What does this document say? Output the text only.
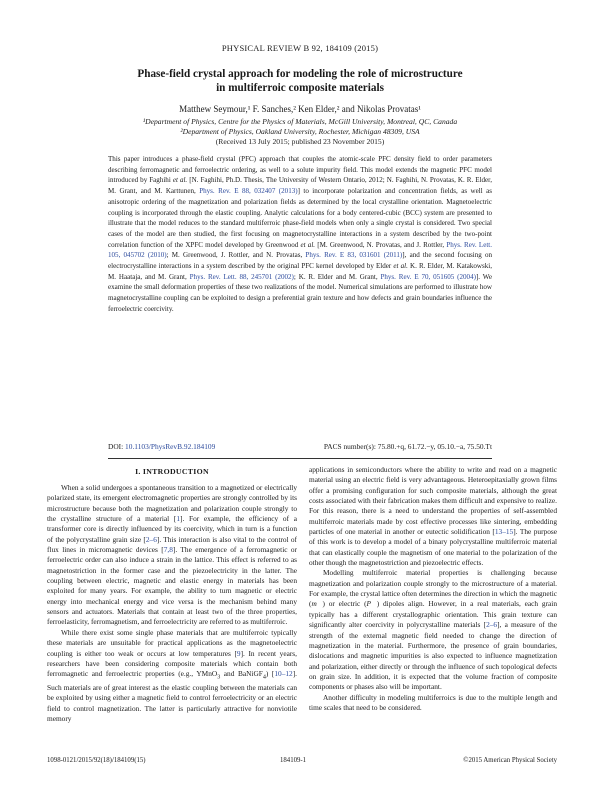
PHYSICAL REVIEW B 92, 184109 (2015)
Phase-field crystal approach for modeling the role of microstructure
in multiferroic composite materials
Matthew Seymour,¹ F. Sanches,² Ken Elder,² and Nikolas Provatas¹
¹Department of Physics, Centre for the Physics of Materials, McGill University, Montreal, QC, Canada
²Department of Physics, Oakland University, Rochester, Michigan 48309, USA
(Received 13 July 2015; published 23 November 2015)

This paper introduces a phase-field crystal (PFC) approach that couples the atomic-scale PFC density field to order parameters describing ferromagnetic and ferroelectric ordering, as well to a solute impurity field. This model extends the magnetic PFC model introduced by Faghihi et al. [N. Faghihi, Ph.D. Thesis, The University of Western Ontario, 2012; N. Faghihi, N. Provatas, K. R. Elder, M. Grant, and M. Karttunen, Phys. Rev. E 88, 032407 (2013)] to incorporate polarization and concentration fields, as well as anisotropic ordering of the magnetization and polarization fields as determined by the local crystalline orientation. Magnetoelectric coupling is incorporated through the elastic coupling. Analytic calculations for a body centered-cubic (BCC) system are presented to illustrate that the model reduces to the standard multiferroic phase-field models when only a single crystal is considered. Two special cases of the model are then studied, the first focusing on magnetocrystalline interactions in a system described by the two-point correlation function of the XPFC model developed by Greenwood et al. [M. Greenwood, N. Provatas, and J. Rottler, Phys. Rev. Lett. 105, 045702 (2010); M. Greenwood, J. Rottler, and N. Provatas, Phys. Rev. E 83, 031601 (2011)], and the second focusing on electrocrystalline interactions in a system described by the original PFC kernel developed by Elder et al. K. R. Elder, M. Katakowski, M. Haataja, and M. Grant, Phys. Rev. Lett. 88, 245701 (2002); K. R. Elder and M. Grant, Phys. Rev. E 70, 051605 (2004)]. We examine the small deformation properties of these two realizations of the model. Numerical simulations are performed to illustrate how magnetocrystalline coupling can be exploited to design a preferential grain texture and how defects and grain boundaries influence the ferroelectric coercivity.

DOI: 10.1103/PhysRevB.92.184109	PACS number(s): 75.80.+q, 61.72.−y, 05.10.−a, 75.50.Tt
I. INTRODUCTION

When a solid undergoes a spontaneous transition to a magnetized or electrically polarized state, its emergent electromagnetic properties are strongly controlled by its microstructure because both the magnetization and polarization couple strongly to the crystalline structure of a material [1]. For example, the efficiency of a transformer core is directly influenced by its coercivity, which in turn is a function of the polycrystalline grain size [2–6]. This interaction is also vital to the control of flux lines in micromagnetic devices [7,8]. The emergence of a ferromagnetic or ferroelectric order can also induce a strain in the lattice. This effect is referred to as magnetostriction in the former case and the piezoelectricity in the latter. The coupling between electric, magnetic and elastic energy in materials has been exploited for many years. For example, the ability to turn magnetic or electric energy into mechanical energy and vice versa is the mechanism behind many sensors and actuators. Materials that contain at least two of the three properties, ferroelasticity, ferromagnetism, and ferroelectricity are referred to as multiferroic.

While there exist some single phase materials that are multiferroic typically these materials are unsuitable for practical applications as the magnetoelectric coupling is either too weak or occurs at low temperatures [9]. In recent years, researchers have been considering composite materials which contain both ferromagnetic and ferroelectric properties (e.g., YMnO$_3$ and BaNiGF$_4$) [10–12]. Such materials are of great interest as the elastic coupling between the materials can be exploited by using either a magnetic field to control ferroelectricity or an electric field to control magnetization. The latter is particularly attractive for nonviotile memory

applications in semiconductors where the ability to write and read on a magnetic material using an electric field is very advantageous. Heteroepitaxially grown films offer a promising configuration for such composite materials, although the great costs associated with their fabrication makes them difficult and expensive to realize. For this reason, there is a need to understand the properties of self-assembled multiferroic materials made by cost effective processes like sintering, embedding particles of one material in another or eutectic solidification [13–15]. The purpose of this work is to develop a model of a binary polycrystalline multiferroic material that can elastically couple the magnetism of one material to the polarization of the other though the magnetostriction and piezoelectric effects.

Modelling multiferroic material properties is challenging because magnetization and polarization couple strongly to the microstructure of a material. For example, the crystal lattice often determines the direction in which the magnetic (m⃗) or electric (P⃗) dipoles align. However, in a real materials, each grain typically has a different crystallographic orientation. This grain texture can significantly alter coercivity in polycrystalline materials [2–6], a measure of the strength of the external magnetic field needed to change the direction of magnetization in the material. Furthermore, the presence of grain boundaries, dislocations and magnetic impurities is also expected to influence magnetization and polarization, either directly or through the influence of such topological defects on grain size. In addition, it is expected that the volume fraction of composite components or phases also will be important.

Another difficulty in modeling multiferroics is due to the multiple length and time scales that need to be considered.

1098-0121/2015/92(18)/184109(15)	184109-1	©2015 American Physical Society
